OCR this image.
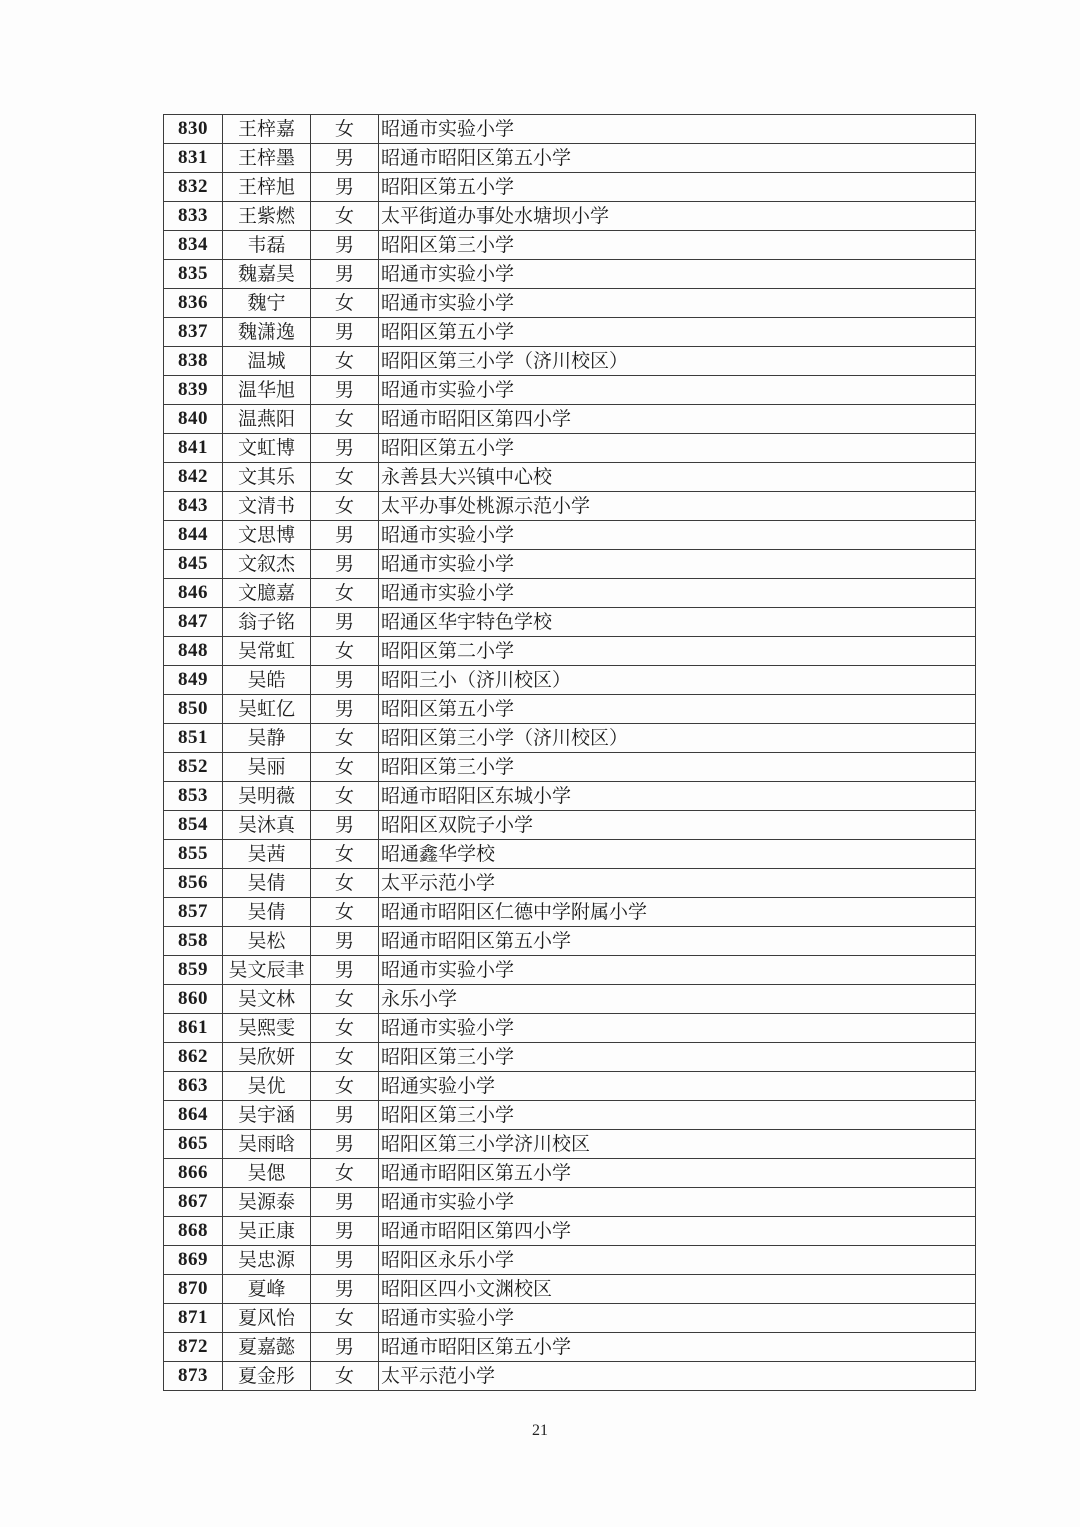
830	王梓嘉	女	昭通市实验小学
831	王梓墨	男	昭通市昭阳区第五小学
832	王梓旭	男	昭阳区第五小学
833	王紫燃	女	太平街道办事处水塘坝小学
834	韦磊	男	昭阳区第三小学
835	魏嘉昊	男	昭通市实验小学
836	魏宁	女	昭通市实验小学
837	魏潇逸	男	昭阳区第五小学
838	温城	女	昭阳区第三小学（济川校区）
839	温华旭	男	昭通市实验小学
840	温燕阳	女	昭通市昭阳区第四小学
841	文虹博	男	昭阳区第五小学
842	文其乐	女	永善县大兴镇中心校
843	文清书	女	太平办事处桃源示范小学
844	文思博	男	昭通市实验小学
845	文叙杰	男	昭通市实验小学
846	文臆嘉	女	昭通市实验小学
847	翁子铭	男	昭通区华宇特色学校
848	吴常虹	女	昭阳区第二小学
849	吴皓	男	昭阳三小（济川校区）
850	吴虹亿	男	昭阳区第五小学
851	吴静	女	昭阳区第三小学（济川校区）
852	吴丽	女	昭阳区第三小学
853	吴明薇	女	昭通市昭阳区东城小学
854	吴沐真	男	昭阳区双院子小学
855	吴茜	女	昭通鑫华学校
856	吴倩	女	太平示范小学
857	吴倩	女	昭通市昭阳区仁德中学附属小学
858	吴松	男	昭通市昭阳区第五小学
859	吴文辰聿	男	昭通市实验小学
860	吴文林	女	永乐小学
861	吴熙雯	女	昭通市实验小学
862	吴欣妍	女	昭阳区第三小学
863	吴优	女	昭通实验小学
864	吴宇涵	男	昭阳区第三小学
865	吴雨晗	男	昭阳区第三小学济川校区
866	吴偲	女	昭通市昭阳区第五小学
867	吴源泰	男	昭通市实验小学
868	吴正康	男	昭通市昭阳区第四小学
869	吴忠源	男	昭阳区永乐小学
870	夏峰	男	昭阳区四小文渊校区
871	夏风怡	女	昭通市实验小学
872	夏嘉懿	男	昭通市昭阳区第五小学
873	夏金彤	女	太平示范小学
21
